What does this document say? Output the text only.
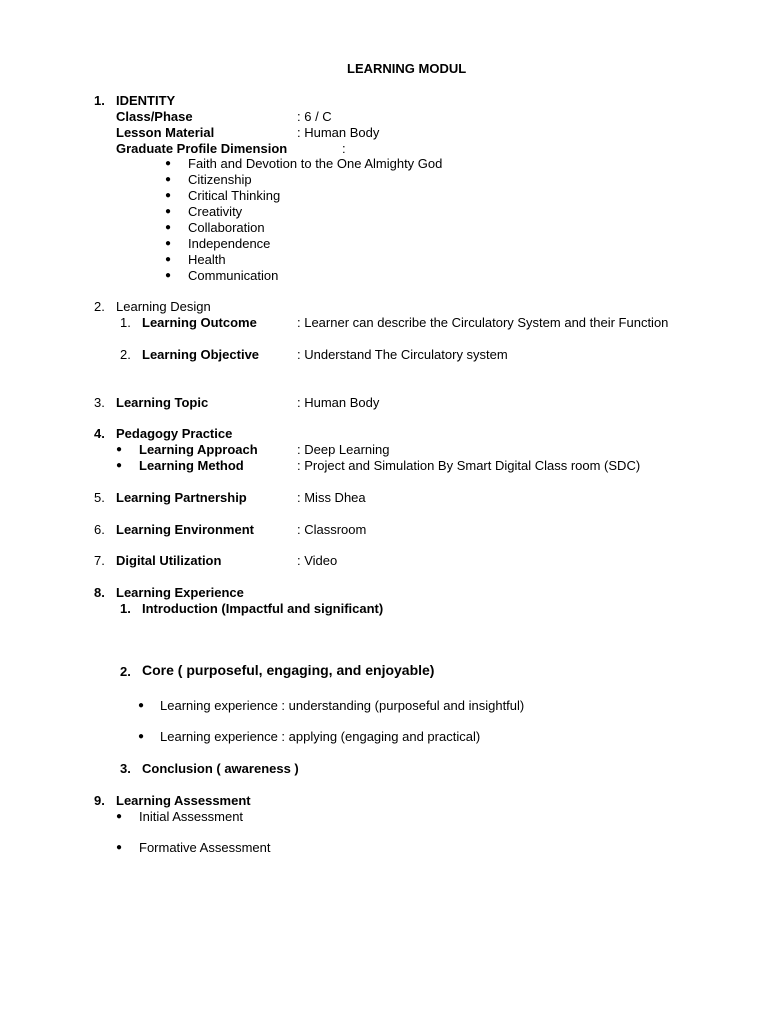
LEARNING MODUL
1. IDENTITY
Class/Phase	: 6 / C
Lesson Material	: Human Body
Graduate Profile Dimension	:
● Faith and Devotion to the One Almighty God
● Citizenship
● Critical Thinking
● Creativity
● Collaboration
● Independence
● Health
● Communication
2. Learning Design
1. Learning Outcome	: Learner can describe the Circulatory System and their Function
2. Learning Objective	: Understand The Circulatory system
3. Learning Topic	: Human Body
4. Pedagogy Practice
● Learning Approach	: Deep Learning
● Learning Method	: Project and Simulation By Smart Digital Class room (SDC)
5. Learning Partnership	: Miss Dhea
6. Learning Environment	: Classroom
7. Digital Utilization	: Video
8. Learning Experience
1. Introduction (Impactful and significant)
2. Core ( purposeful, engaging, and enjoyable)
● Learning experience : understanding (purposeful and insightful)
● Learning experience : applying (engaging and practical)
3. Conclusion ( awareness )
9. Learning Assessment
● Initial Assessment
● Formative Assessment
